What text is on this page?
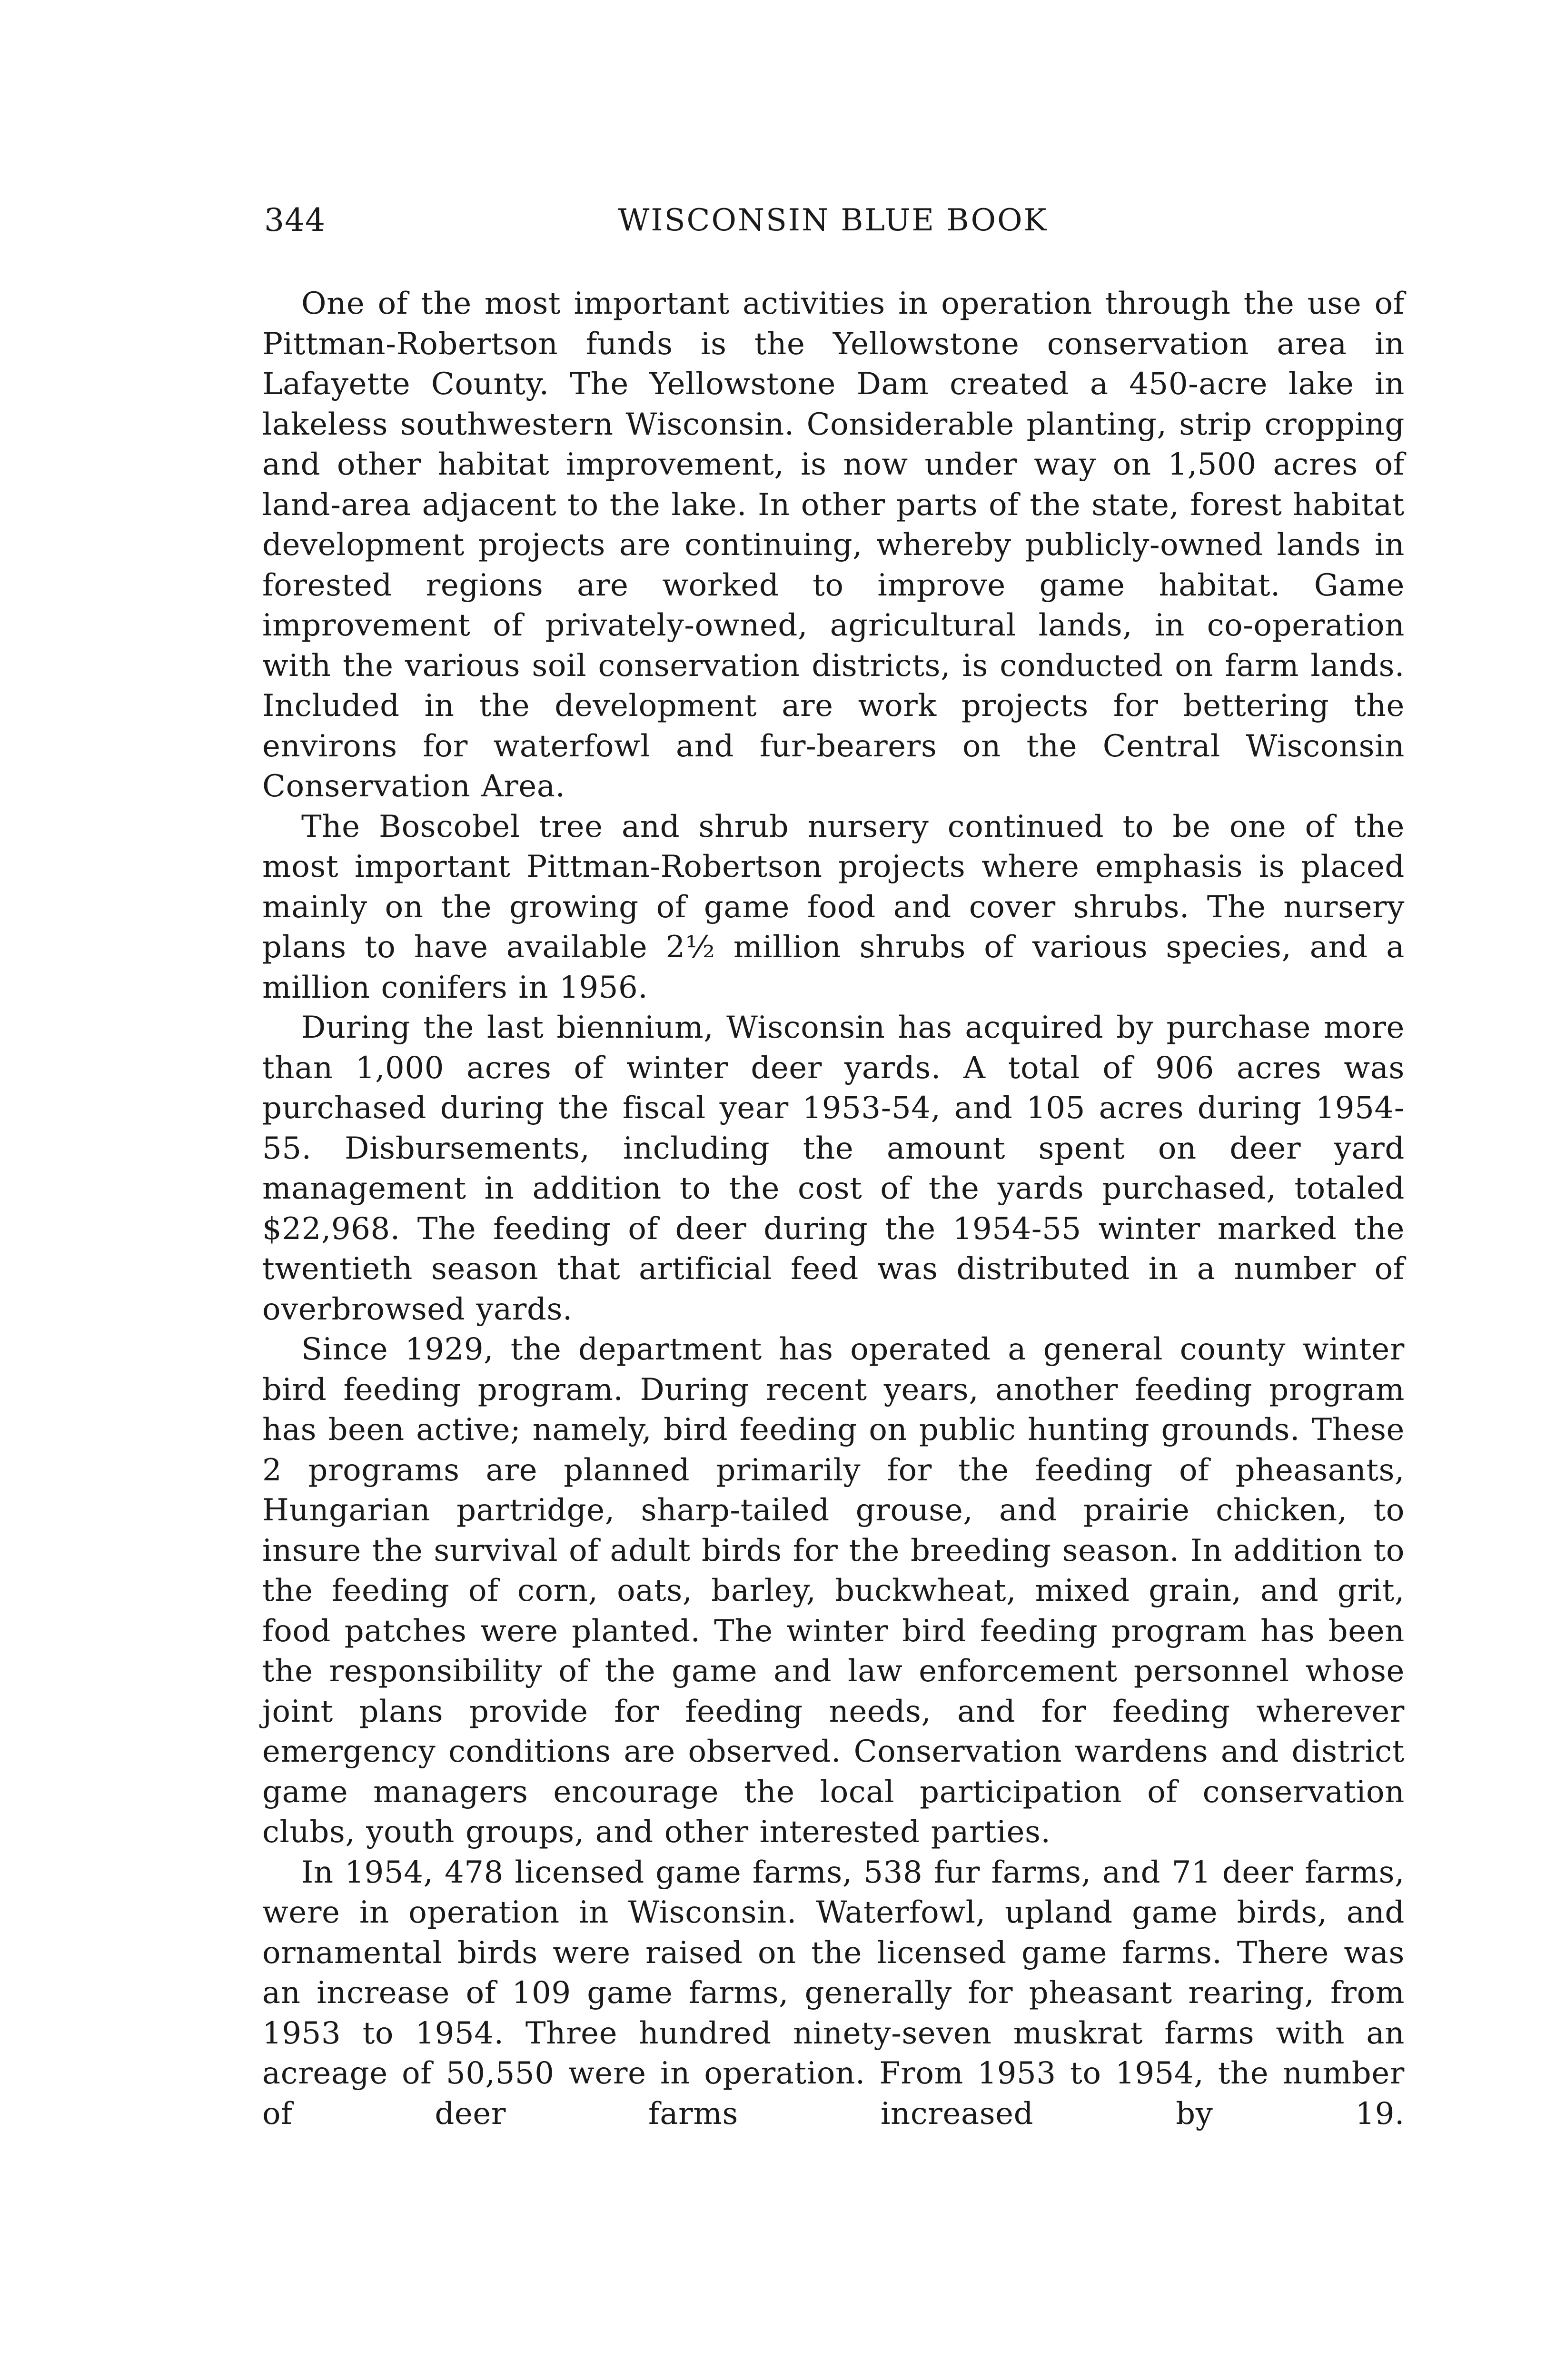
344	WISCONSIN BLUE BOOK

One of the most important activities in operation through the use of Pittman-Robertson funds is the Yellowstone conservation area in Lafayette County. The Yellowstone Dam created a 450-acre lake in lakeless southwestern Wisconsin. Considerable planting, strip cropping and other habitat improvement, is now under way on 1,500 acres of land-area adjacent to the lake. In other parts of the state, forest habitat development projects are continuing, whereby publicly-owned lands in forested regions are worked to improve game habitat. Game improvement of privately-owned, agricultural lands, in co-operation with the various soil conservation districts, is conducted on farm lands. Included in the development are work projects for bettering the environs for waterfowl and fur-bearers on the Central Wisconsin Conservation Area.

The Boscobel tree and shrub nursery continued to be one of the most important Pittman-Robertson projects where emphasis is placed mainly on the growing of game food and cover shrubs. The nursery plans to have available 2½ million shrubs of various species, and a million conifers in 1956.

During the last biennium, Wisconsin has acquired by purchase more than 1,000 acres of winter deer yards. A total of 906 acres was purchased during the fiscal year 1953-54, and 105 acres during 1954-55. Disbursements, including the amount spent on deer yard management in addition to the cost of the yards purchased, totaled $22,968. The feeding of deer during the 1954-55 winter marked the twentieth season that artificial feed was distributed in a number of overbrowsed yards.

Since 1929, the department has operated a general county winter bird feeding program. During recent years, another feeding program has been active; namely, bird feeding on public hunting grounds. These 2 programs are planned primarily for the feeding of pheasants, Hungarian partridge, sharp-tailed grouse, and prairie chicken, to insure the survival of adult birds for the breeding season. In addition to the feeding of corn, oats, barley, buckwheat, mixed grain, and grit, food patches were planted. The winter bird feeding program has been the responsibility of the game and law enforcement personnel whose joint plans provide for feeding needs, and for feeding wherever emergency conditions are observed. Conservation wardens and district game managers encourage the local participation of conservation clubs, youth groups, and other interested parties.

In 1954, 478 licensed game farms, 538 fur farms, and 71 deer farms, were in operation in Wisconsin. Waterfowl, upland game birds, and ornamental birds were raised on the licensed game farms. There was an increase of 109 game farms, generally for pheasant rearing, from 1953 to 1954. Three hundred ninety-seven muskrat farms with an acreage of 50,550 were in operation. From 1953 to 1954, the number of deer farms increased by 19.
